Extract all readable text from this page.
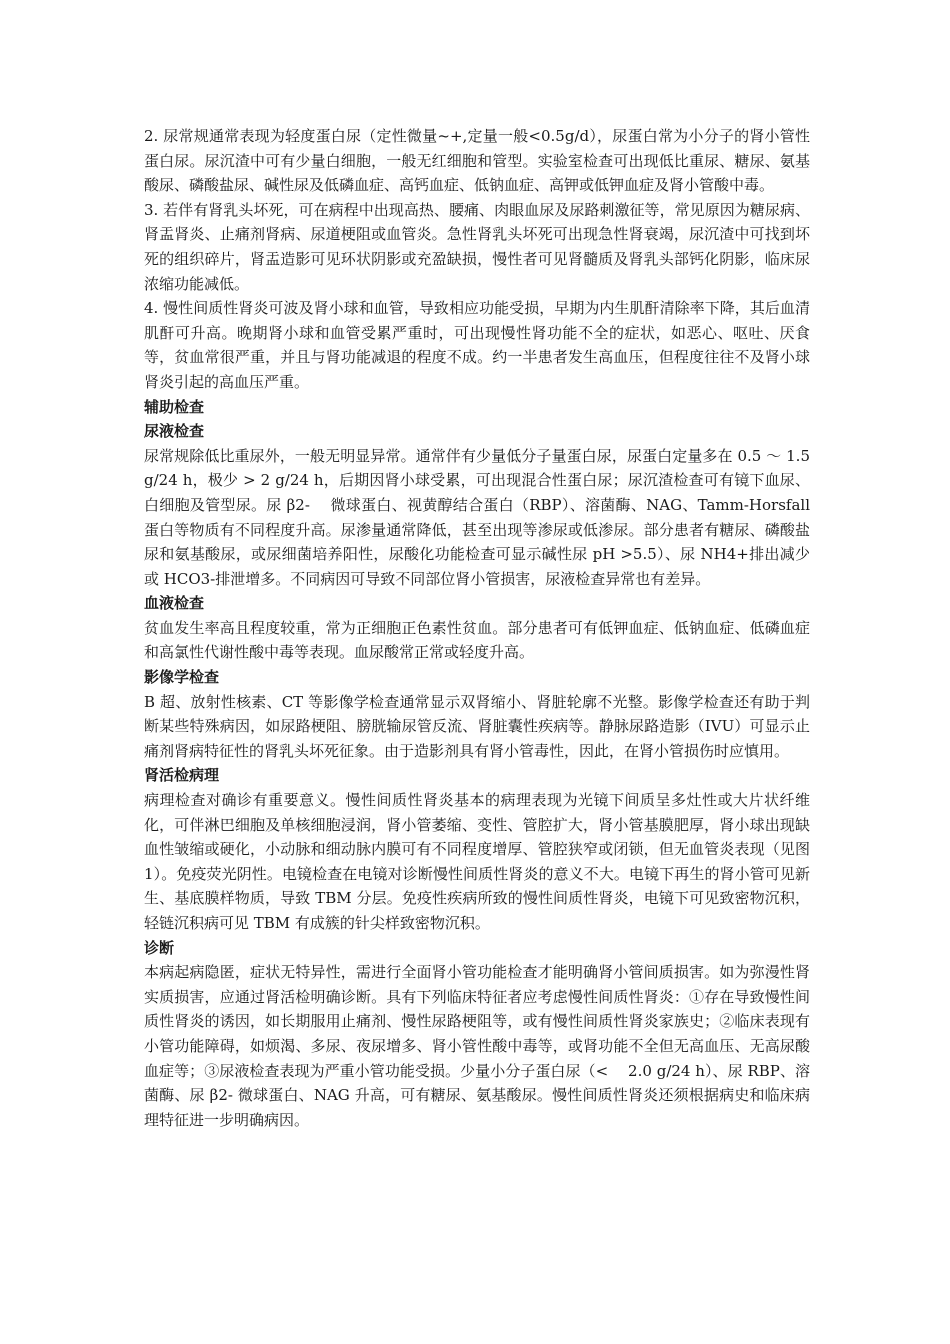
2. 尿常规通常表现为轻度蛋白尿（定性微量~+,定量一般<0.5g/d），尿蛋白常为小分子的肾小管性蛋白尿。尿沉渣中可有少量白细胞，一般无红细胞和管型。实验室检查可出现低比重尿、糖尿、氨基酸尿、磷酸盐尿、碱性尿及低磷血症、高钙血症、低钠血症、高钾或低钾血症及肾小管酸中毒。

3. 若伴有肾乳头坏死，可在病程中出现高热、腰痛、肉眼血尿及尿路刺激征等，常见原因为糖尿病、肾盂肾炎、止痛剂肾病、尿道梗阻或血管炎。急性肾乳头坏死可出现急性肾衰竭，尿沉渣中可找到坏死的组织碎片，肾盂造影可见环状阴影或充盈缺损，慢性者可见肾髓质及肾乳头部钙化阴影，临床尿浓缩功能减低。

4. 慢性间质性肾炎可波及肾小球和血管，导致相应功能受损，早期为内生肌酐清除率下降，其后血清肌酐可升高。晚期肾小球和血管受累严重时，可出现慢性肾功能不全的症状，如恶心、呕吐、厌食等，贫血常很严重，并且与肾功能减退的程度不成。约一半患者发生高血压，但程度往往不及肾小球肾炎引起的高血压严重。

辅助检查
尿液检查

尿常规除低比重尿外，一般无明显异常。通常伴有少量低分子量蛋白尿，尿蛋白定量多在 0.5 ～ 1.5 g/24 h，极少 > 2 g/24 h，后期因肾小球受累，可出现混合性蛋白尿；尿沉渣检查可有镜下血尿、白细胞及管型尿。尿 β2-　 微球蛋白、视黄醇结合蛋白（RBP）、溶菌酶、NAG、Tamm-Horsfall 蛋白等物质有不同程度升高。尿渗量通常降低，甚至出现等渗尿或低渗尿。部分患者有糖尿、磷酸盐尿和氨基酸尿，或尿细菌培养阳性，尿酸化功能检查可显示碱性尿 pH >5.5）、尿 NH4+排出减少或 HCO3-排泄增多。不同病因可导致不同部位肾小管损害，尿液检查异常也有差异。

血液检查

贫血发生率高且程度较重，常为正细胞正色素性贫血。部分患者可有低钾血症、低钠血症、低磷血症和高氯性代谢性酸中毒等表现。血尿酸常正常或轻度升高。

影像学检查

B 超、放射性核素、CT 等影像学检查通常显示双肾缩小、肾脏轮廓不光整。影像学检查还有助于判断某些特殊病因，如尿路梗阻、膀胱输尿管反流、肾脏囊性疾病等。静脉尿路造影（IVU）可显示止痛剂肾病特征性的肾乳头坏死征象。由于造影剂具有肾小管毒性，因此，在肾小管损伤时应慎用。

肾活检病理

病理检查对确诊有重要意义。慢性间质性肾炎基本的病理表现为光镜下间质呈多灶性或大片状纤维化，可伴淋巴细胞及单核细胞浸润，肾小管萎缩、变性、管腔扩大，肾小管基膜肥厚，肾小球出现缺血性皱缩或硬化，小动脉和细动脉内膜可有不同程度增厚、管腔狭窄或闭锁，但无血管炎表现（见图 1）。免疫荧光阴性。电镜检查在电镜对诊断慢性间质性肾炎的意义不大。电镜下再生的肾小管可见新生、基底膜样物质，导致 TBM 分层。免疫性疾病所致的慢性间质性肾炎，电镜下可见致密物沉积，轻链沉积病可见 TBM 有成簇的针尖样致密物沉积。

诊断

本病起病隐匿，症状无特异性，需进行全面肾小管功能检查才能明确肾小管间质损害。如为弥漫性肾实质损害，应通过肾活检明确诊断。具有下列临床特征者应考虑慢性间质性肾炎：①存在导致慢性间质性肾炎的诱因，如长期服用止痛剂、慢性尿路梗阻等，或有慢性间质性肾炎家族史；②临床表现有小管功能障碍，如烦渴、多尿、夜尿增多、肾小管性酸中毒等，或肾功能不全但无高血压、无高尿酸血症等；③尿液检查表现为严重小管功能受损。少量小分子蛋白尿（<　 2.0 g/24 h）、尿 RBP、溶菌酶、尿 β2- 微球蛋白、NAG 升高，可有糖尿、氨基酸尿。慢性间质性肾炎还须根据病史和临床病理特征进一步明确病因。
